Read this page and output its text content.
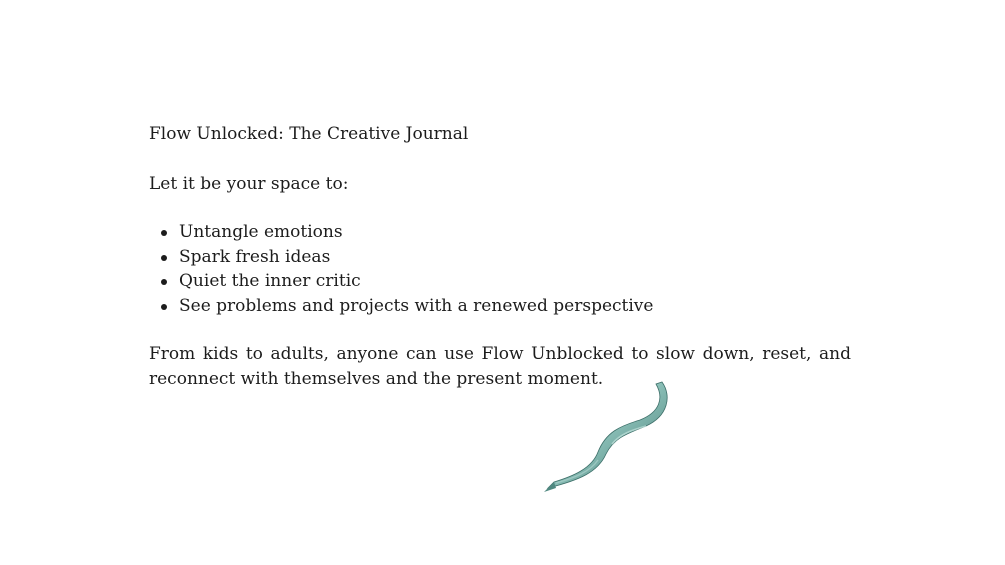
Flow Unlocked: The Creative Journal

Let it be your space to:

Untangle emotions
Spark fresh ideas
Quiet the inner critic
See problems and projects with a renewed perspective

From kids to adults, anyone can use Flow Unblocked to slow down, reset, and reconnect with themselves and the present moment.
